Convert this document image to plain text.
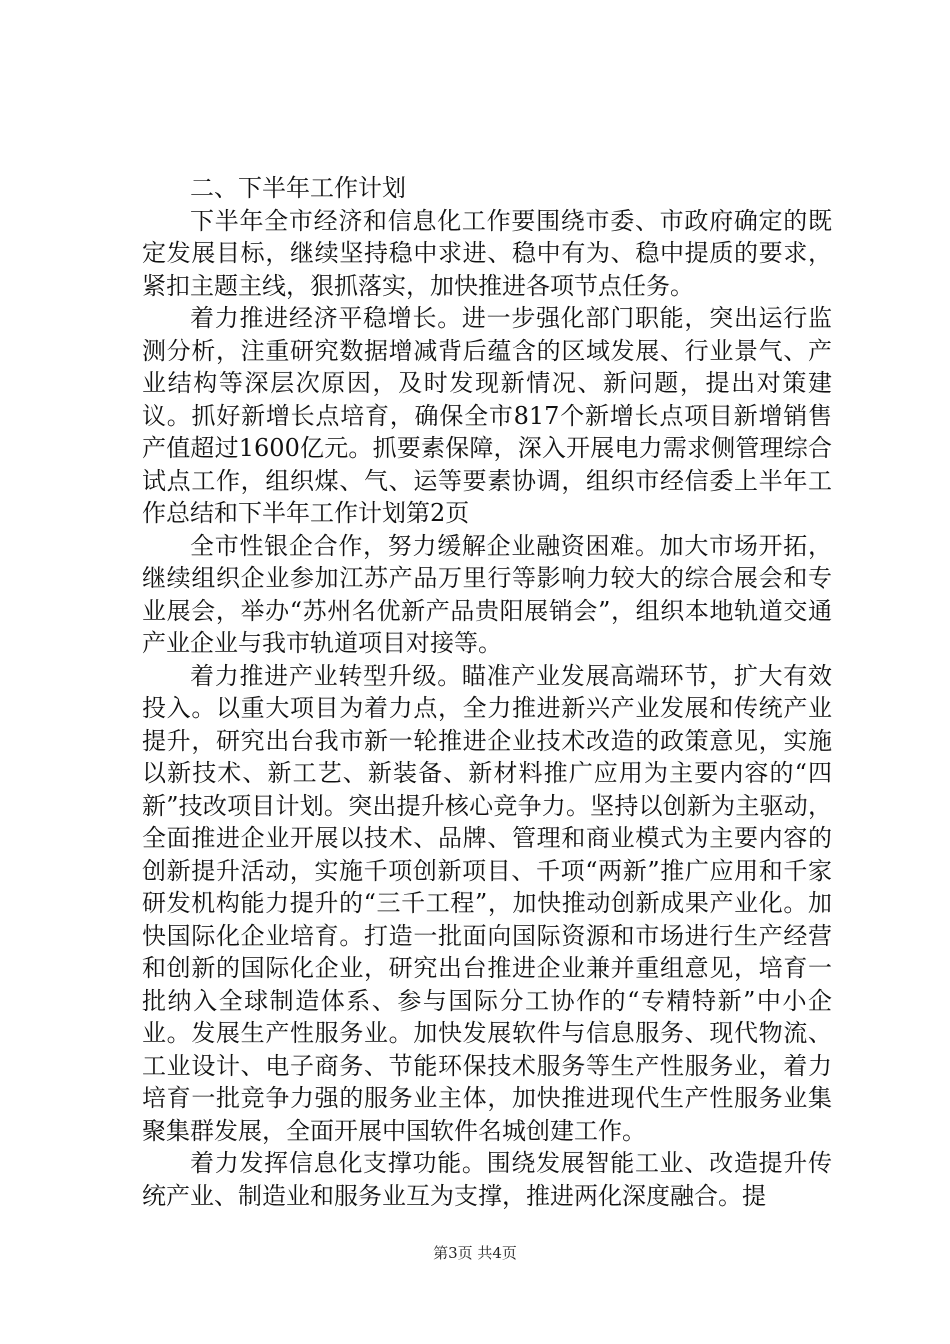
二、下半年工作计划

下半年全市经济和信息化工作要围绕市委、市政府确定的既定发展目标，继续坚持稳中求进、稳中有为、稳中提质的要求，紧扣主题主线，狠抓落实，加快推进各项节点任务。

着力推进经济平稳增长。进一步强化部门职能，突出运行监测分析，注重研究数据增减背后蕴含的区域发展、行业景气、产业结构等深层次原因，及时发现新情况、新问题，提出对策建议。抓好新增长点培育，确保全市817个新增长点项目新增销售产值超过1600亿元。抓要素保障，深入开展电力需求侧管理综合试点工作，组织煤、气、运等要素协调，组织市经信委上半年工作总结和下半年工作计划第2页

全市性银企合作，努力缓解企业融资困难。加大市场开拓，继续组织企业参加江苏产品万里行等影响力较大的综合展会和专业展会，举办“苏州名优新产品贵阳展销会”，组织本地轨道交通产业企业与我市轨道项目对接等。

着力推进产业转型升级。瞄准产业发展高端环节，扩大有效投入。以重大项目为着力点，全力推进新兴产业发展和传统产业提升，研究出台我市新一轮推进企业技术改造的政策意见，实施以新技术、新工艺、新装备、新材料推广应用为主要内容的“四新”技改项目计划。突出提升核心竞争力。坚持以创新为主驱动，全面推进企业开展以技术、品牌、管理和商业模式为主要内容的创新提升活动，实施千项创新项目、千项“两新”推广应用和千家研发机构能力提升的“三千工程”，加快推动创新成果产业化。加快国际化企业培育。打造一批面向国际资源和市场进行生产经营和创新的国际化企业，研究出台推进企业兼并重组意见，培育一批纳入全球制造体系、参与国际分工协作的“专精特新”中小企业。发展生产性服务业。加快发展软件与信息服务、现代物流、工业设计、电子商务、节能环保技术服务等生产性服务业，着力培育一批竞争力强的服务业主体，加快推进现代生产性服务业集聚集群发展，全面开展中国软件名城创建工作。

着力发挥信息化支撑功能。围绕发展智能工业、改造提升传统产业、制造业和服务业互为支撑，推进两化深度融合。提

第3页 共4页
